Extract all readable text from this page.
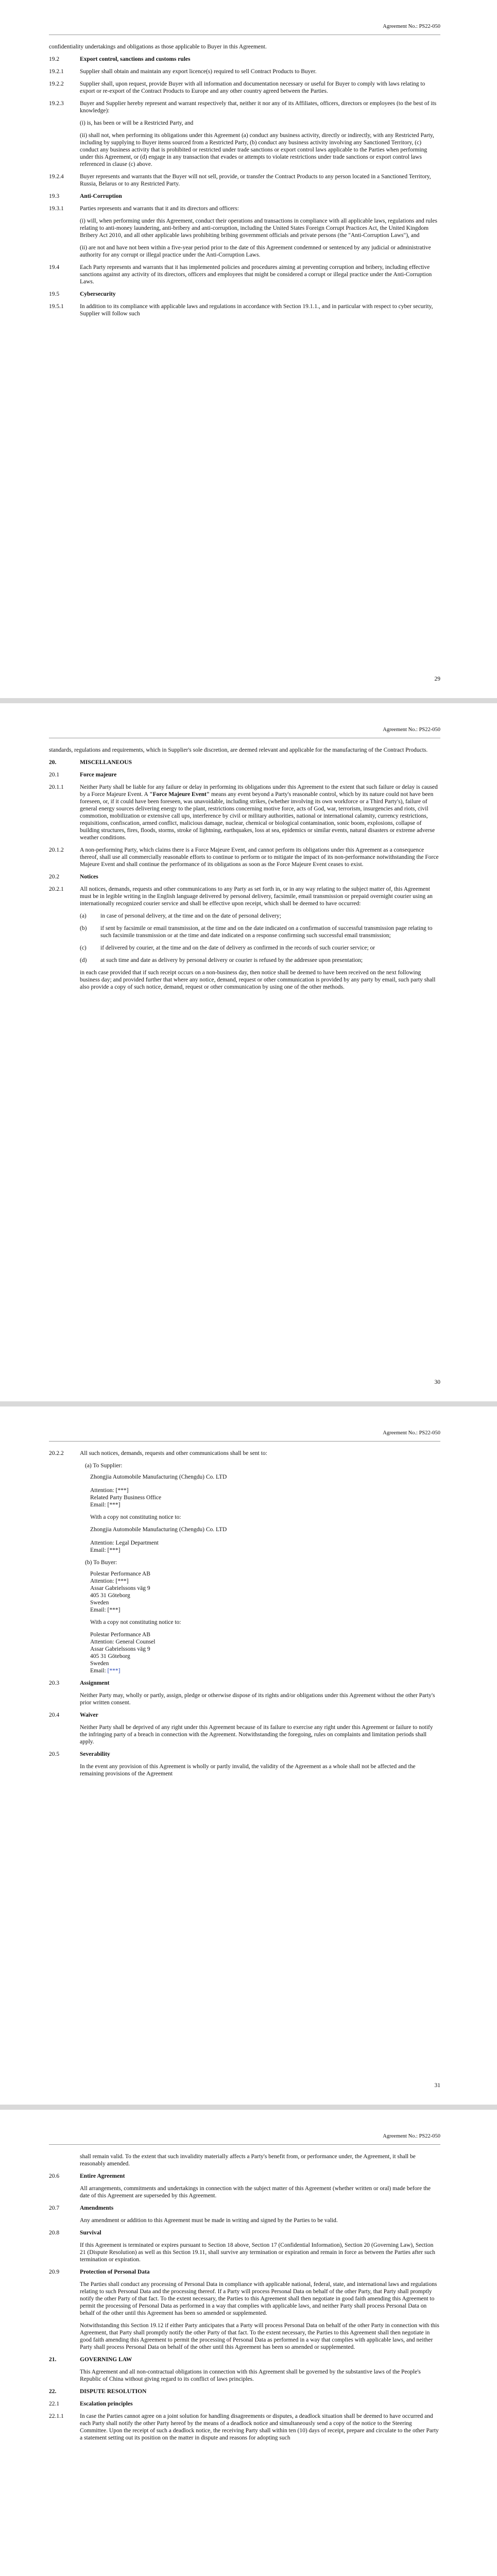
Agreement No.: PS22-050
confidentiality undertakings and obligations as those applicable to Buyer in this Agreement.
19.2	Export control, sanctions and customs rules
19.2.1	Supplier shall obtain and maintain any export licence(s) required to sell Contract Products to Buyer.
19.2.2	Supplier shall, upon request, provide Buyer with all information and documentation necessary or useful for Buyer to comply with laws relating to export or re-export of the Contract Products to Europe and any other country agreed between the Parties.
19.2.3	Buyer and Supplier hereby represent and warrant respectively that, neither it nor any of its Affiliates, officers, directors or employees (to the best of its knowledge):
(i) is, has been or will be a Restricted Party, and
(ii) shall not, when performing its obligations under this Agreement (a) conduct any business activity, directly or indirectly, with any Restricted Party, including by supplying to Buyer items sourced from a Restricted Party, (b) conduct any business activity involving any Sanctioned Territory, (c) conduct any business activity that is prohibited or restricted under trade sanctions or export control laws applicable to the Parties when performing under this Agreement, or (d) engage in any transaction that evades or attempts to violate restrictions under trade sanctions or export control laws referenced in clause (c) above.
19.2.4	Buyer represents and warrants that the Buyer will not sell, provide, or transfer the Contract Products to any person located in a Sanctioned Territory, Russia, Belarus or to any Restricted Party.
19.3	Anti-Corruption
19.3.1	Parties represents and warrants that it and its directors and officers:
(i) will, when performing under this Agreement, conduct their operations and transactions in compliance with all applicable laws, regulations and rules relating to anti-money laundering, anti-bribery and anti-corruption, including the United States Foreign Corrupt Practices Act, the United Kingdom Bribery Act 2010, and all other applicable laws prohibiting bribing government officials and private persons (the "Anti-Corruption Laws"), and
(ii) are not and have not been within a five-year period prior to the date of this Agreement condemned or sentenced by any judicial or administrative authority for any corrupt or illegal practice under the Anti-Corruption Laws.
19.4	Each Party represents and warrants that it has implemented policies and procedures aiming at preventing corruption and bribery, including effective sanctions against any activity of its directors, officers and employees that might be considered a corrupt or illegal practice under the Anti-Corruption Laws.
19.5	Cybersecurity
19.5.1	In addition to its compliance with applicable laws and regulations in accordance with Section 19.1.1., and in particular with respect to cyber security, Supplier will follow such
29
Agreement No.: PS22-050
standards, regulations and requirements, which in Supplier's sole discretion, are deemed relevant and applicable for the manufacturing of the Contract Products.
20.	MISCELLANEOUS
20.1	Force majeure
20.1.1	Neither Party shall be liable for any failure or delay in performing its obligations under this Agreement to the extent that such failure or delay is caused by a Force Majeure Event. A "Force Majeure Event" means any event beyond a Party's reasonable control, which by its nature could not have been foreseen, or, if it could have been foreseen, was unavoidable, including strikes, (whether involving its own workforce or a Third Party's), failure of general energy sources delivering energy to the plant, restrictions concerning motive force, acts of God, war, terrorism, insurgencies and riots, civil commotion, mobilization or extensive call ups, interference by civil or military authorities, national or international calamity, currency restrictions, requisitions, confiscation, armed conflict, malicious damage, nuclear, chemical or biological contamination, sonic boom, explosions, collapse of building structures, fires, floods, storms, stroke of lightning, earthquakes, loss at sea, epidemics or similar events, natural disasters or extreme adverse weather conditions.
20.1.2	A non-performing Party, which claims there is a Force Majeure Event, and cannot perform its obligations under this Agreement as a consequence thereof, shall use all commercially reasonable efforts to continue to perform or to mitigate the impact of its non-performance notwithstanding the Force Majeure Event and shall continue the performance of its obligations as soon as the Force Majeure Event ceases to exist.
20.2	Notices
20.2.1	All notices, demands, requests and other communications to any Party as set forth in, or in any way relating to the subject matter of, this Agreement must be in legible writing in the English language delivered by personal delivery, facsimile, email transmission or prepaid overnight courier using an internationally recognized courier service and shall be effective upon receipt, which shall be deemed to have occurred:
(a)	in case of personal delivery, at the time and on the date of personal delivery;
(b)	if sent by facsimile or email transmission, at the time and on the date indicated on a confirmation of successful transmission page relating to such facsimile transmission or at the time and date indicated on a response confirming such successful email transmission;
(c)	if delivered by courier, at the time and on the date of delivery as confirmed in the records of such courier service; or
(d)	at such time and date as delivery by personal delivery or courier is refused by the addressee upon presentation;
in each case provided that if such receipt occurs on a non-business day, then notice shall be deemed to have been received on the next following business day; and provided further that where any notice, demand, request or other communication is provided by any party by email, such party shall also provide a copy of such notice, demand, request or other communication by using one of the other methods.
30
Agreement No.: PS22-050
20.2.2	All such notices, demands, requests and other communications shall be sent to:
(a) To Supplier:
Zhongjia Automobile Manufacturing (Chengdu) Co. LTD
Attention: [***]
Related Party Business Office
Email: [***]
With a copy not constituting notice to:
Zhongjia Automobile Manufacturing (Chengdu) Co. LTD
Attention: Legal Department
Email: [***]
(b) To Buyer:
Polestar Performance AB
Attention: [***]
Assar Gabrielssons väg 9
405 31 Göteborg
Sweden
Email: [***]
With a copy not constituting notice to:
Polestar Performance AB
Attention: General Counsel
Assar Gabrielssons väg 9
405 31 Göteborg
Sweden
Email: [***]
20.3	Assignment
Neither Party may, wholly or partly, assign, pledge or otherwise dispose of its rights and/or obligations under this Agreement without the other Party's prior written consent.
20.4	Waiver
Neither Party shall be deprived of any right under this Agreement because of its failure to exercise any right under this Agreement or failure to notify the infringing party of a breach in connection with the Agreement. Notwithstanding the foregoing, rules on complaints and limitation periods shall apply.
20.5	Severability
In the event any provision of this Agreement is wholly or partly invalid, the validity of the Agreement as a whole shall not be affected and the remaining provisions of the Agreement
31
Agreement No.: PS22-050
shall remain valid. To the extent that such invalidity materially affects a Party's benefit from, or performance under, the Agreement, it shall be reasonably amended.
20.6	Entire Agreement
All arrangements, commitments and undertakings in connection with the subject matter of this Agreement (whether written or oral) made before the date of this Agreement are superseded by this Agreement.
20.7	Amendments
Any amendment or addition to this Agreement must be made in writing and signed by the Parties to be valid.
20.8	Survival
If this Agreement is terminated or expires pursuant to Section 18 above, Section 17 (Confidential Information), Section 20 (Governing Law), Section 21 (Dispute Resolution) as well as this Section 19.11, shall survive any termination or expiration and remain in force as between the Parties after such termination or expiration.
20.9	Protection of Personal Data
The Parties shall conduct any processing of Personal Data in compliance with applicable national, federal, state, and international laws and regulations relating to such Personal Data and the processing thereof. If a Party will process Personal Data on behalf of the other Party, that Party shall promptly notify the other Party of that fact. To the extent necessary, the Parties to this Agreement shall then negotiate in good faith amending this Agreement to permit the processing of Personal Data as performed in a way that complies with applicable laws, and neither Party shall process Personal Data on behalf of the other until this Agreement has been so amended or supplemented.
Notwithstanding this Section 19.12 if either Party anticipates that a Party will process Personal Data on behalf of the other Party in connection with this Agreement, that Party shall promptly notify the other Party of that fact. To the extent necessary, the Parties to this Agreement shall then negotiate in good faith amending this Agreement to permit the processing of Personal Data as performed in a way that complies with applicable laws, and neither Party shall process Personal Data on behalf of the other until this Agreement has been so amended or supplemented.
21.	GOVERNING LAW
This Agreement and all non-contractual obligations in connection with this Agreement shall be governed by the substantive laws of the People's Republic of China without giving regard to its conflict of laws principles.
22.	DISPUTE RESOLUTION
22.1	Escalation principles
22.1.1	In case the Parties cannot agree on a joint solution for handling disagreements or disputes, a deadlock situation shall be deemed to have occurred and each Party shall notify the other Party hereof by the means of a deadlock notice and simultaneously send a copy of the notice to the Steering Committee. Upon the receipt of such a deadlock notice, the receiving Party shall within ten (10) days of receipt, prepare and circulate to the other Party a statement setting out its position on the matter in dispute and reasons for adopting such
